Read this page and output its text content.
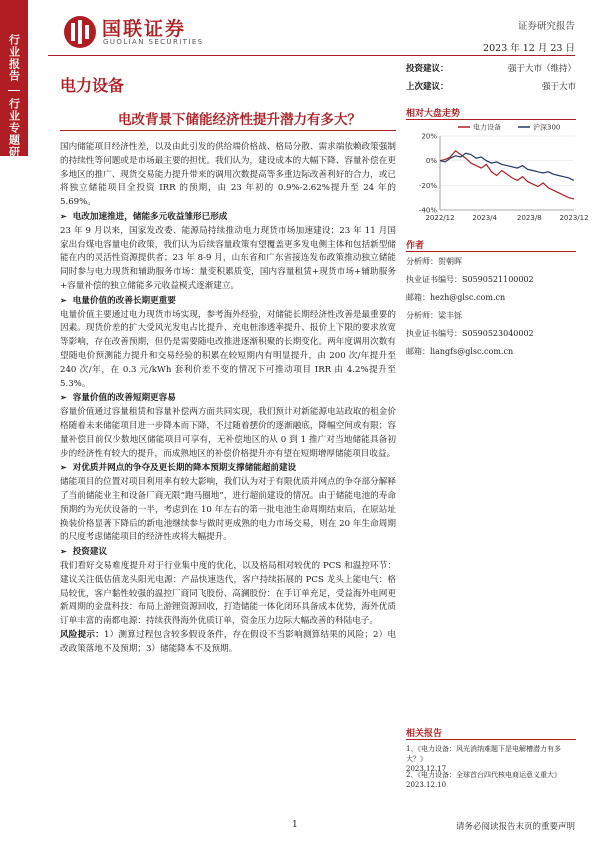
行业报告

行业专题研究
国联证券
GUOLIAN SECURITIES
证券研究报告
2023 年 12 月 23 日
电力设备
投资建议：	强于大市（维持）
上次建议：	强于大市
电改背景下储能经济性提升潜力有多大？	相对大盘走势
20%
0%
-20%
-40%
2022/12	2023/4	2023/8	2023/12
电力设备	沪深300
作者
分析师：贺朝晖
执业证书编号：S0590521100002
邮箱：hezh@glsc.com.cn
分析师：梁丰铄
执业证书编号：S0590523040002
邮箱：liangfs@glsc.com.cn
相关报告
1、《电力设备：风光消纳难题下是电解槽潜力有多大？》
2023.12.17
2、《电力设备：全球首台四代核电商运意义重大》
2023.12.10

国内储能项目经济性差，以及由此引发的供给端价格战、格局分散、需求端依赖政策强制的持续性等问题或是市场最主要的担忧。我们认为，建设成本的大幅下降、容量补偿在更多地区的推广、现货交易能力提升带来的调用次数提高等多重边际改善利好的合力，或已将独立储能项目全投资 IRR 的预期，由 23 年初的 0.9%-2.62%提升至 24 年的 5.69%。

➢ 电改加速推进，储能多元收益雏形已形成

23 年 9 月以来，国家发改委、能源局持续推动电力现货市场加速建设；23 年 11 月国家出台煤电容量电价政策，我们认为后续容量政策有望覆盖更多发电侧主体和包括新型储能在内的灵活性资源提供者；23 年 8-9 月，山东省和广东省接连发布政策推动独立储能同时参与电力现货和辅助服务市场：量变积累质变，国内容量租赁+现货市场+辅助服务+容量补偿的独立储能多元收益模式逐渐建立。

➢ 电量价值的改善长期更重要

电量价值主要通过电力现货市场实现，参考海外经验，对储能长期经济性改善是最重要的因素。现货价差的扩大受风光发电占比提升、充电桩渗透率提升、报价上下限的要求放宽等影响，存在改善预期，但仍是需要随电改推进逐渐积聚的长期变化。两年度调用次数有望随电价预测能力提升和交易经验的积累在较短期内有明显提升，由 200 次/年提升至 240 次/年，在 0.3 元/kWh 套利价差不变的情况下可推动项目 IRR 由 4.2%提升至 5.3%。

➢ 容量价值的改善短期更容易

容量价值通过容量租赁和容量补偿两方面共同实现，我们预计对新能源电站政取的租金价格随着未来储能项目进一步降本而下降，不过随着摆价的逐渐融底，降幅空间或有限；容量补偿目前仅少数地区储能项目可享有，无补偿地区的从 0 到 1 推广对当地储能具备初步的经济性有较大的提升，而成熟地区的补偿价格提升亦有望在短期增厚储能项目收益。

➢ 对优质并网点的争夺及更长期的降本预期支撑储能超前建设

储能项目的位置对项目利用率有较大影响，我们认为对于有限优质并网点的争夺部分解释了当前储能业主和设备厂商无限“跑马圈地”，进行超前建设的情况。由于储能电池的寿命预期约为光伏设备的一半，考虑到在 10 年左右的第一批电池生命周期结束后，在原站址换装价格显著下降后的新电池继续参与做时更成熟的电力市场交易，则在 20 年生命周期的尺度考虑储能项目的经济性或将大幅提升。

➢ 投资建议

我们看好交易难度提升对于行业集中度的优化，以及格局相对较优的 PCS 和温控环节：建议关注低估值龙头阳光电源：产品快速迭代，客户持续拓展的 PCS 龙头上能电气：格局较优，客户黏性较强的温控厂商同飞股份、高澜股份：在手订单充足，受益海外电网更新周期的金盘科技：布局上游锂资源回收，打造储能一体化闭环具备成本优势，海外优质订单丰富的南都电源：持续获得海外优质订单，资金压力边际大幅改善的科陆电子。

风险提示：1）测算过程包含较多假设条件，存在假设不当影响测算结果的风险；2）电改政策落地不及预期；3）储能降本不及预期。

1	请务必阅读报告末页的重要声明
